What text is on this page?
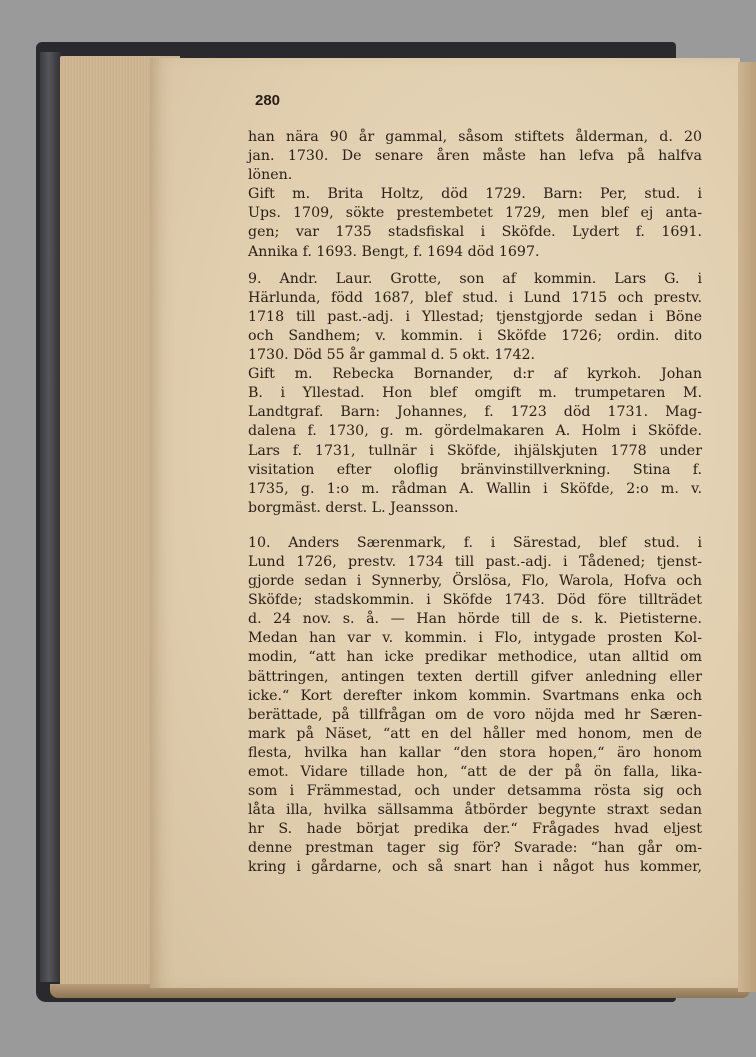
280
han nära 90 år gammal, såsom stiftets ålderman, d. 20
jan. 1730. De senare åren måste han lefva på halfva
lönen.
Gift m. Brita Holtz, död 1729. Barn: Per, stud. i
Ups. 1709, sökte prestembetet 1729, men blef ej anta-
gen; var 1735 stadsfiskal i Sköfde. Lydert f. 1691.
Annika f. 1693. Bengt, f. 1694 död 1697.
9. Andr. Laur. Grotte, son af kommin. Lars G. i
Härlunda, född 1687, blef stud. i Lund 1715 och prestv.
1718 till past.-adj. i Yllestad; tjenstgjorde sedan i Böne
och Sandhem; v. kommin. i Sköfde 1726; ordin. dito
1730. Död 55 år gammal d. 5 okt. 1742.
Gift m. Rebecka Bornander, d:r af kyrkoh. Johan
B. i Yllestad. Hon blef omgift m. trumpetaren M.
Landtgraf. Barn: Johannes, f. 1723 död 1731. Mag-
dalena f. 1730, g. m. gördelmakaren A. Holm i Sköfde.
Lars f. 1731, tullnär i Sköfde, ihjälskjuten 1778 under
visitation efter oloflig bränvinstillverkning. Stina f.
1735, g. 1:o m. rådman A. Wallin i Sköfde, 2:o m. v.
borgmäst. derst. L. Jeansson.
10. Anders Særenmark, f. i Särestad, blef stud. i
Lund 1726, prestv. 1734 till past.-adj. i Tådened; tjenst-
gjorde sedan i Synnerby, Örslösa, Flo, Warola, Hofva och
Sköfde; stadskommin. i Sköfde 1743. Död före tillträdet
d. 24 nov. s. å. — Han hörde till de s. k. Pietisterne.
Medan han var v. kommin. i Flo, intygade prosten Kol-
modin, “att han icke predikar methodice, utan alltid om
bättringen, antingen texten dertill gifver anledning eller
icke.“ Kort derefter inkom kommin. Svartmans enka och
berättade, på tillfrågan om de voro nöjda med hr Særen-
mark på Näset, “att en del håller med honom, men de
flesta, hvilka han kallar “den stora hopen,“ äro honom
emot. Vidare tillade hon, “att de der på ön falla, lika-
som i Främmestad, och under detsamma rösta sig och
låta illa, hvilka sällsamma åtbörder begynte straxt sedan
hr S. hade börjat predika der.“ Frågades hvad eljest
denne prestman tager sig för? Svarade: “han går om-
kring i gårdarne, och så snart han i något hus kommer,
